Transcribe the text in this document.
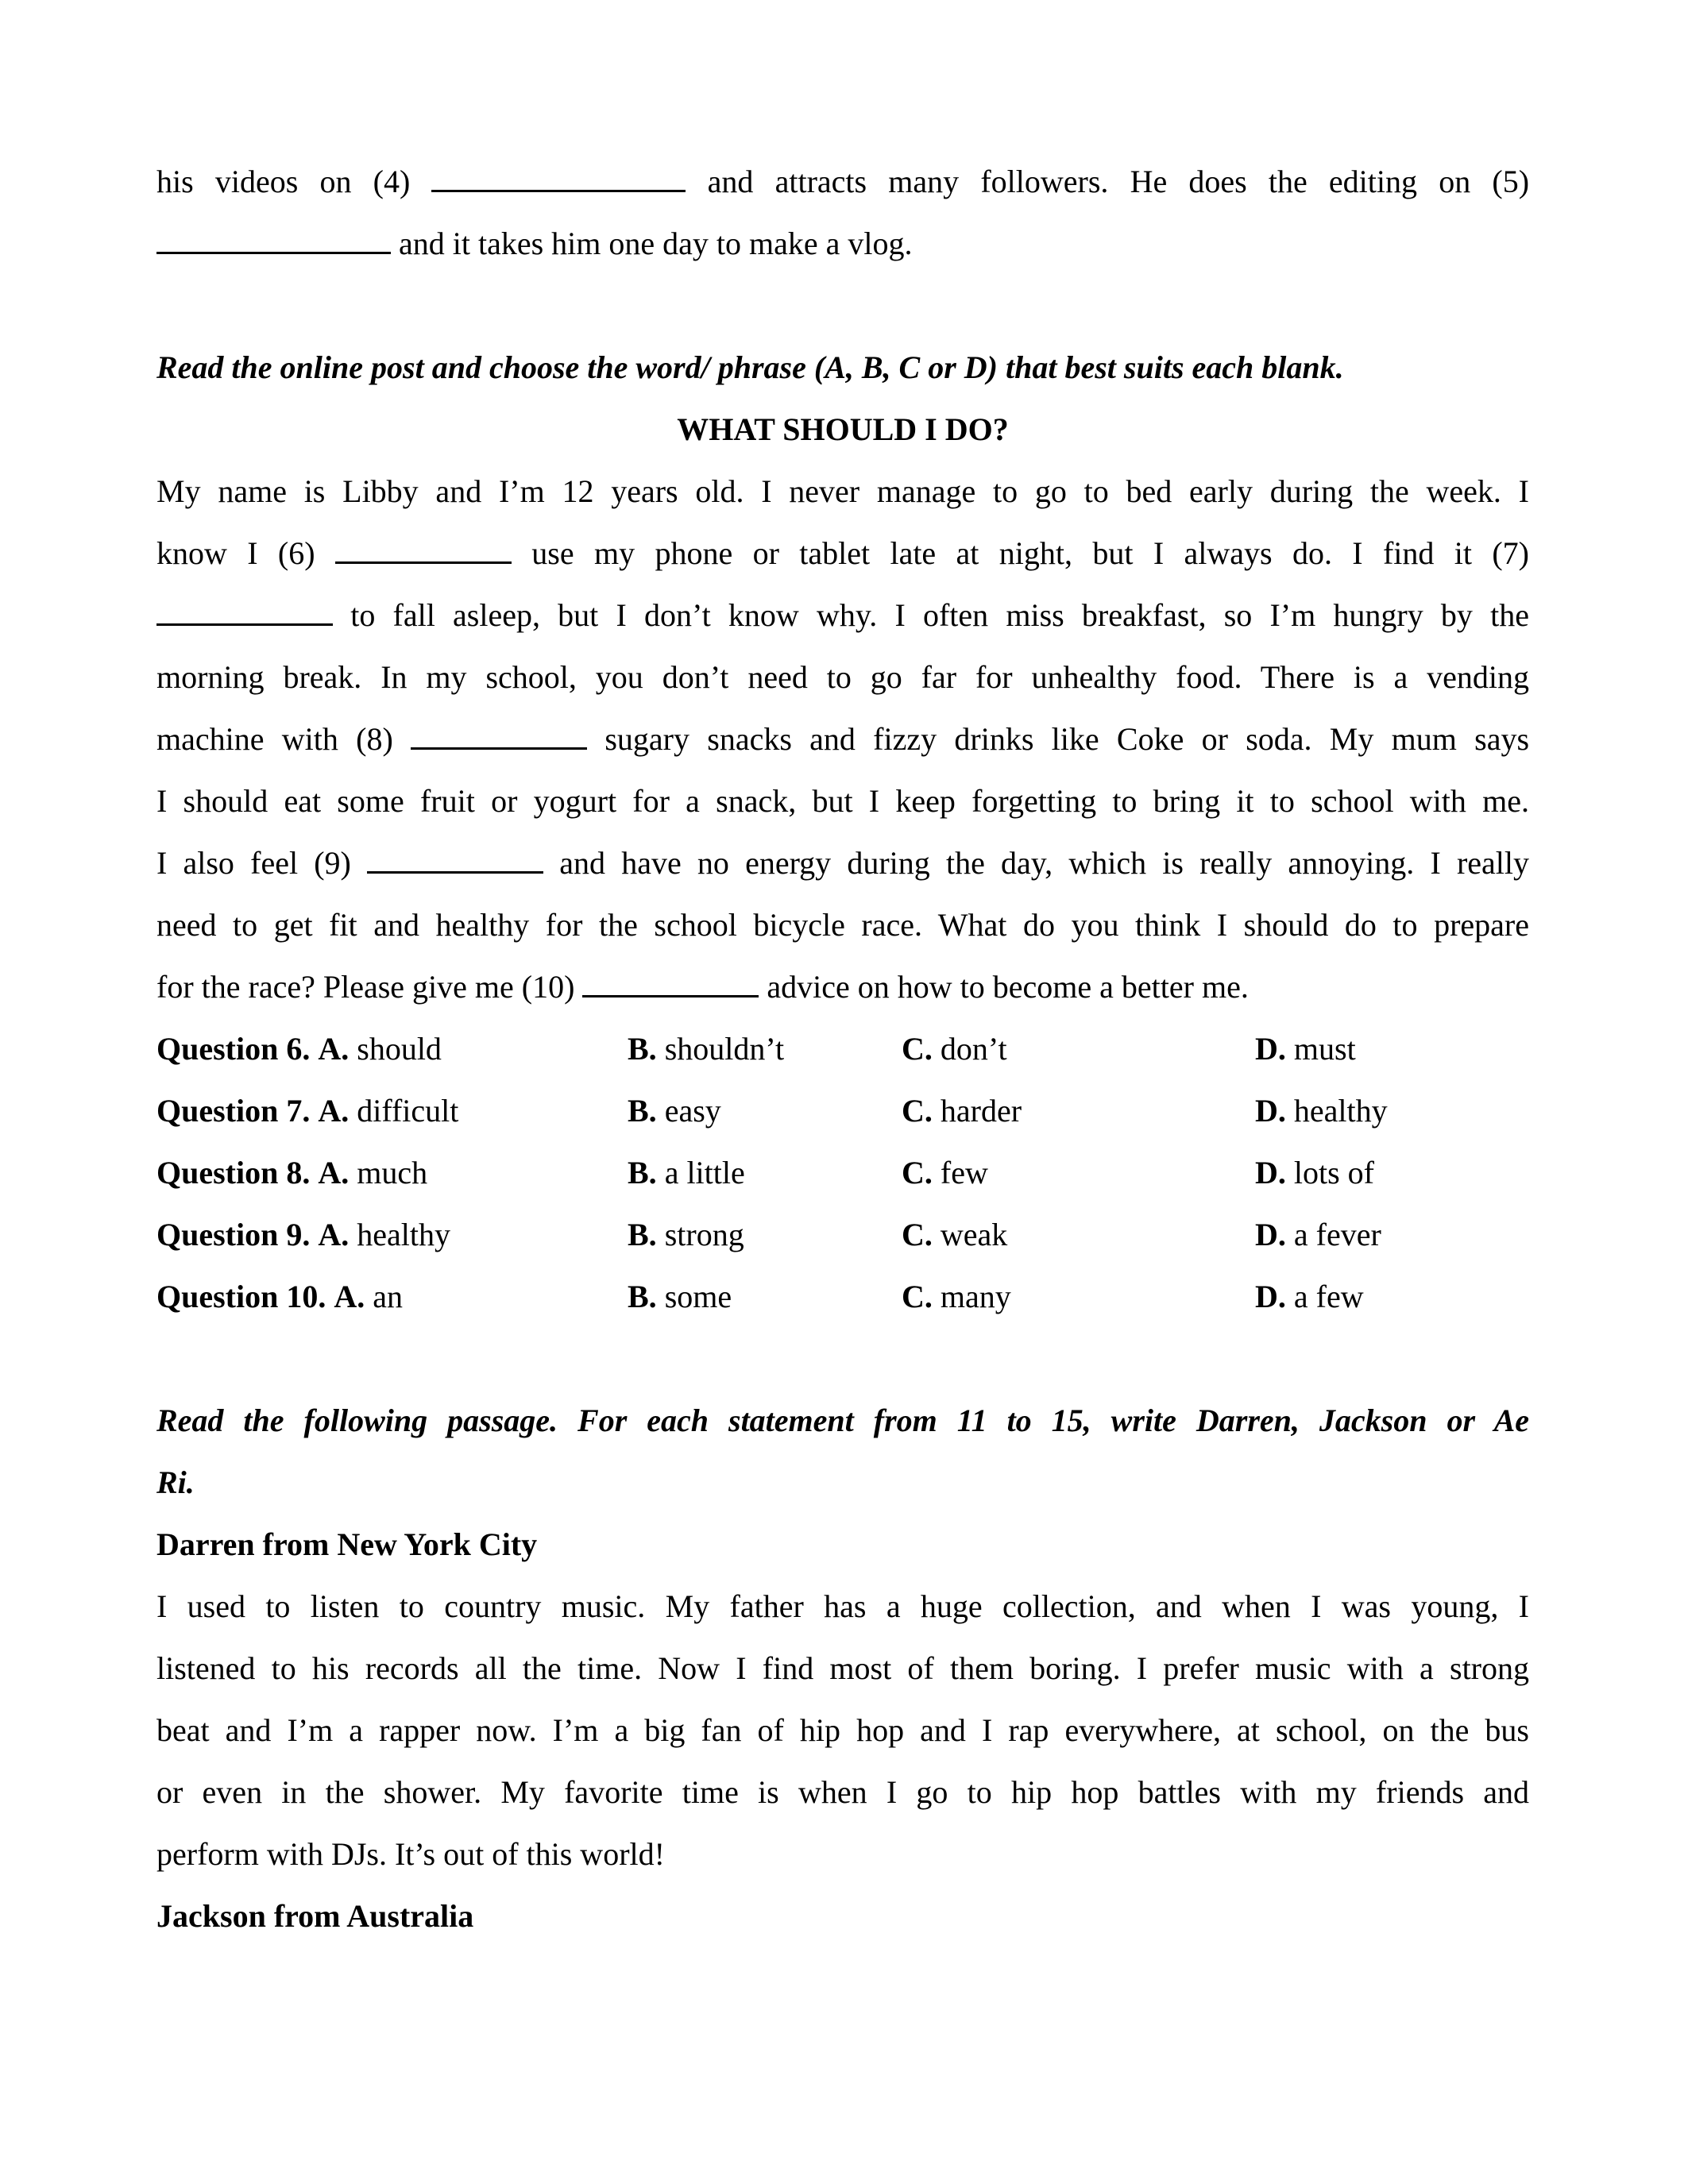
his videos on (4)	and attracts many followers. He does the editing on (5)
and it takes him one day to make a vlog.
Read the online post and choose the word/ phrase (A, B, C or D) that best suits each blank.
WHAT SHOULD I DO?
My name is Libby and I’m 12 years old. I never manage to go to bed early during the week. I
know I (6)	use my phone or tablet late at night, but I always do. I find it (7)
to fall asleep, but I don’t know why. I often miss breakfast, so I’m hungry by the
morning break. In my school, you don’t need to go far for unhealthy food. There is a vending
machine with (8)	sugary snacks and fizzy drinks like Coke or soda. My mum says
I should eat some fruit or yogurt for a snack, but I keep forgetting to bring it to school with me.
I also feel (9)	and have no energy during the day, which is really annoying. I really
need to get fit and healthy for the school bicycle race. What do you think I should do to prepare
for the race? Please give me (10)	advice on how to become a better me.
Question 6. A. should	B. shouldn’t	C. don’t	D. must
Question 7. A. difficult	B. easy	C. harder	D. healthy
Question 8. A. much	B. a little	C. few	D. lots of
Question 9. A. healthy	B. strong	C. weak	D. a fever
Question 10. A. an	B. some	C. many	D. a few
Read the following passage. For each statement from 11 to 15, write Darren, Jackson or Ae
Ri.
Darren from New York City
I used to listen to country music. My father has a huge collection, and when I was young, I
listened to his records all the time. Now I find most of them boring. I prefer music with a strong
beat and I’m a rapper now. I’m a big fan of hip hop and I rap everywhere, at school, on the bus
or even in the shower. My favorite time is when I go to hip hop battles with my friends and
perform with DJs. It’s out of this world!
Jackson from Australia
